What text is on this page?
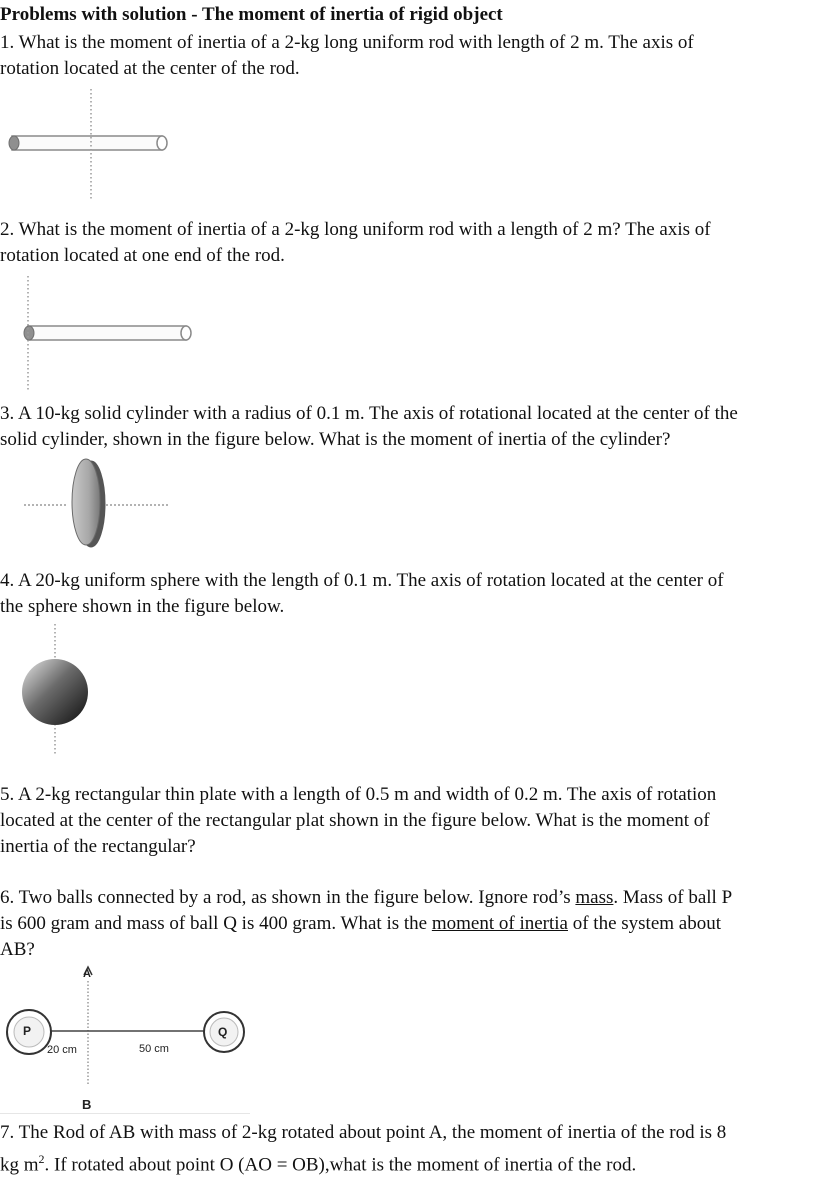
Problems with solution - The moment of inertia of rigid object
1. What is the moment of inertia of a 2-kg long uniform rod with length of 2 m. The axis of
rotation located at the center of the rod.
2. What is the moment of inertia of a 2-kg long uniform rod with a length of 2 m? The axis of
rotation located at one end of the rod.
3. A 10-kg solid cylinder with a radius of 0.1 m. The axis of rotational located at the center of the
solid cylinder, shown in the figure below. What is the moment of inertia of the cylinder?
4. A 20-kg uniform sphere with the length of 0.1 m. The axis of rotation located at the center of
the sphere shown in the figure below.
5. A 2-kg rectangular thin plate with a length of 0.5 m and width of 0.2 m. The axis of rotation
located at the center of the rectangular plat shown in the figure below. What is the moment of
inertia of the rectangular?
6. Two balls connected by a rod, as shown in the figure below. Ignore rod’s mass. Mass of ball P
is 600 gram and mass of ball Q is 400 gram. What is the moment of inertia of the system about
AB?
A
B
P	Q
20 cm	50 cm
7. The Rod of AB with mass of 2-kg rotated about point A, the moment of inertia of the rod is 8
kg $m^2$. If rotated about point O (AO = OB),what is the moment of inertia of the rod.
